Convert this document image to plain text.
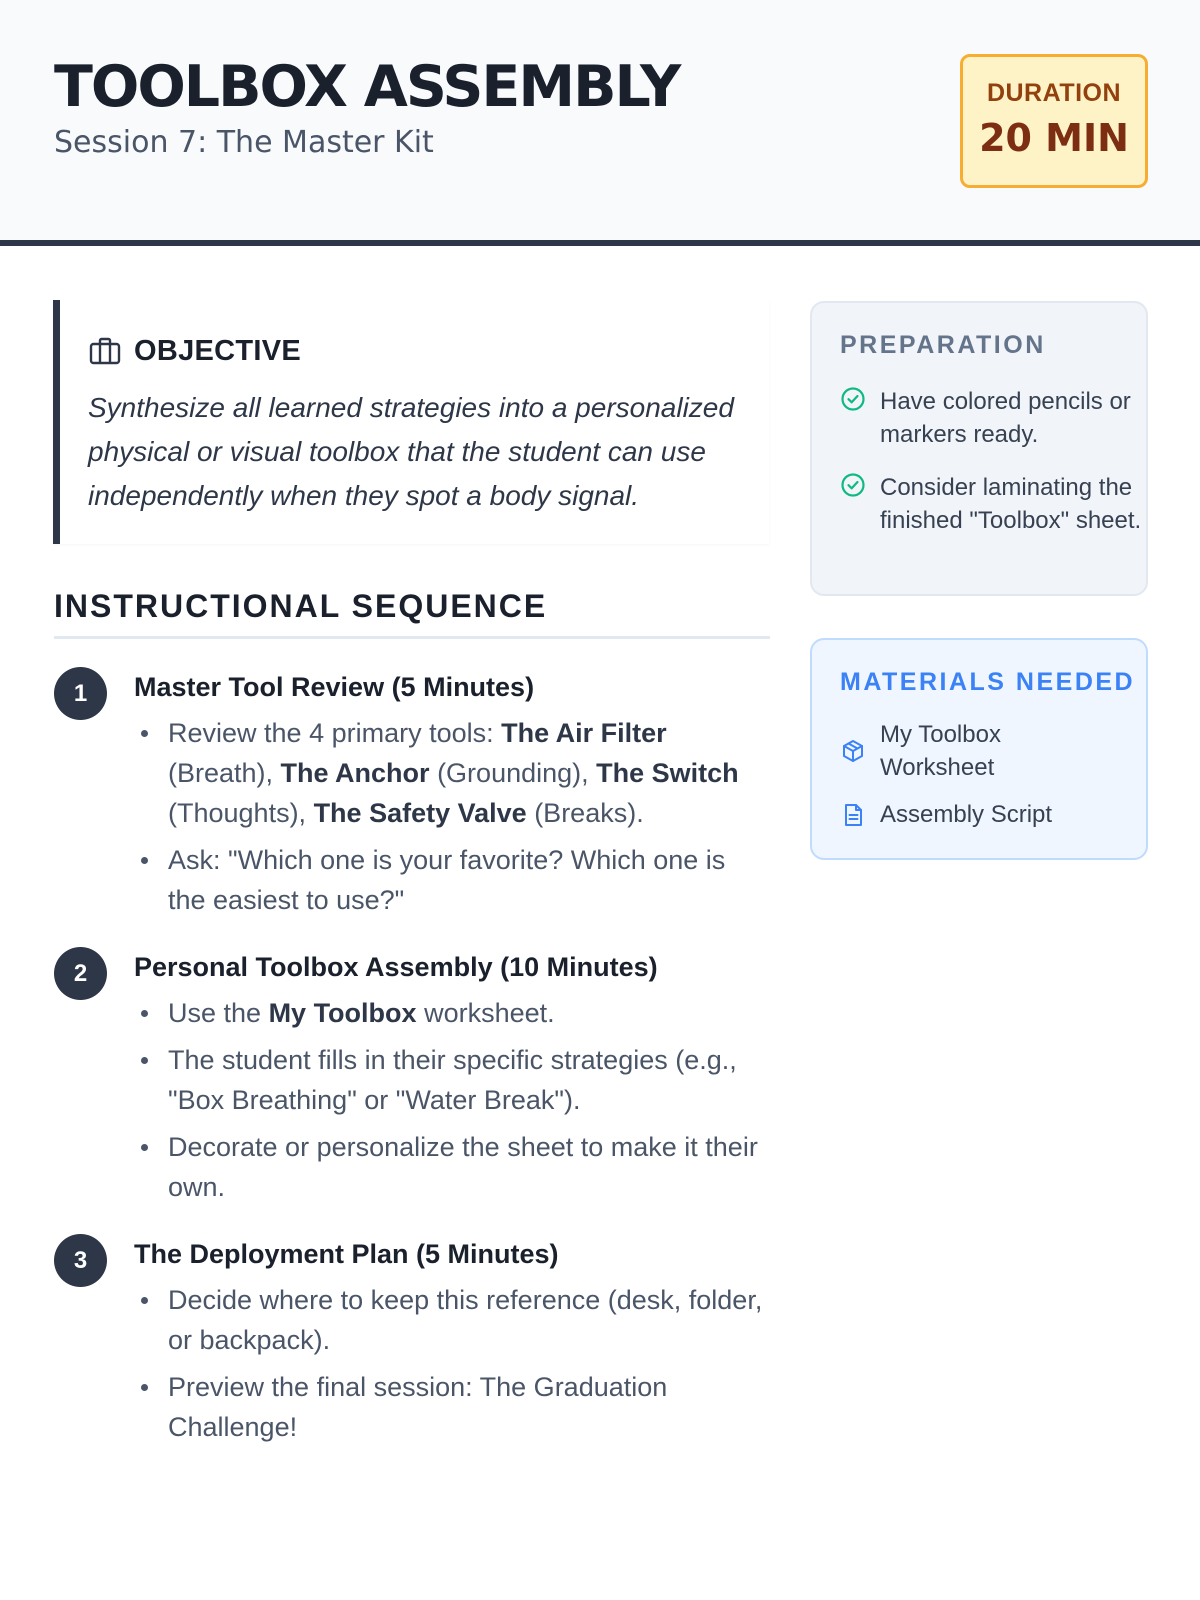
TOOLBOX ASSEMBLY
Session 7: The Master Kit
DURATION
20 MIN
OBJECTIVE
Synthesize all learned strategies into a personalized physical or visual toolbox that the student can use independently when they spot a body signal.
INSTRUCTIONAL SEQUENCE
1	Master Tool Review (5 Minutes)
Review the 4 primary tools: The Air Filter (Breath), The Anchor (Grounding), The Switch (Thoughts), The Safety Valve (Breaks).
Ask: "Which one is your favorite? Which one is the easiest to use?"
2	Personal Toolbox Assembly (10 Minutes)
Use the My Toolbox worksheet.
The student fills in their specific strategies (e.g., "Box Breathing" or "Water Break").
Decorate or personalize the sheet to make it their own.
3	The Deployment Plan (5 Minutes)
Decide where to keep this reference (desk, folder, or backpack).
Preview the final session: The Graduation Challenge!
PREPARATION
Have colored pencils or markers ready.
Consider laminating the finished "Toolbox" sheet.
MATERIALS NEEDED
My Toolbox Worksheet
Assembly Script
